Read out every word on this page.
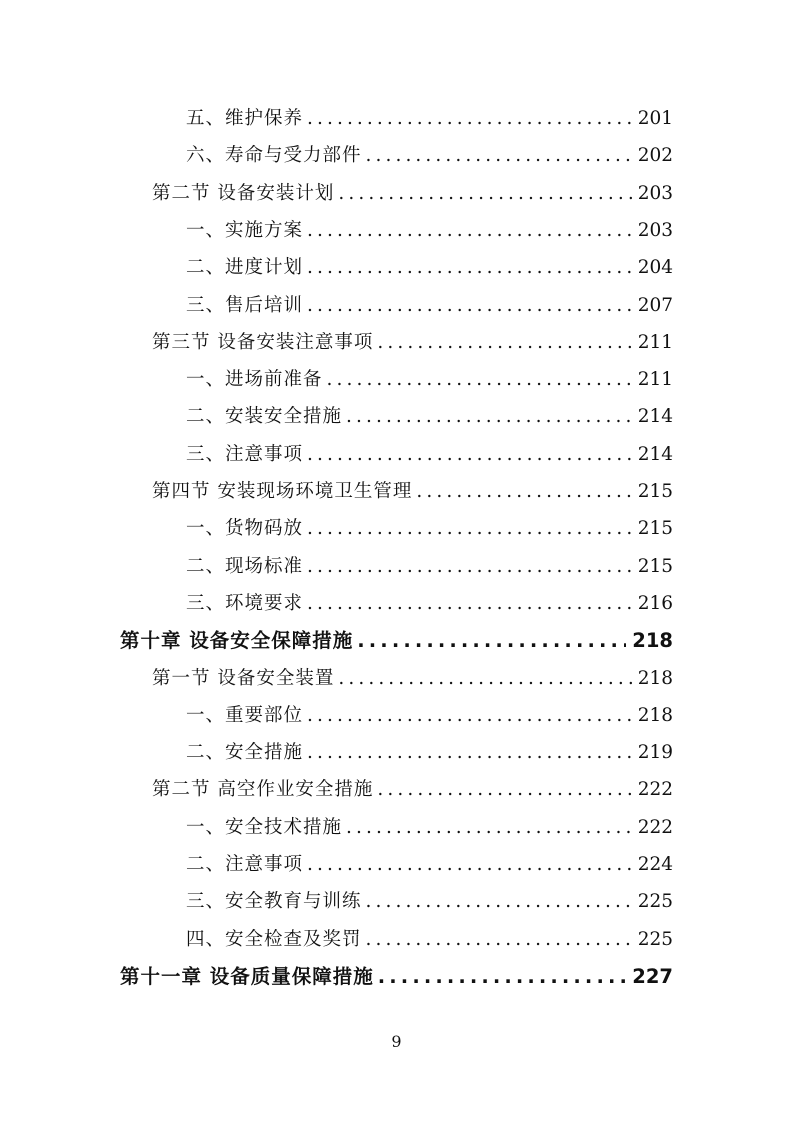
五、维护保养 .....	201
六、寿命与受力部件 .....	202
第二节 设备安装计划 .....	203
一、实施方案 .....	203
二、进度计划 .....	204
三、售后培训 .....	207
第三节 设备安装注意事项 .....	211
一、进场前准备 .....	211
二、安装安全措施 .....	214
三、注意事项 .....	214
第四节 安装现场环境卫生管理 .....	215
一、货物码放 .....	215
二、现场标准 .....	215
三、环境要求 .....	216
第十章 设备安全保障措施 .....	218
第一节 设备安全装置 .....	218
一、重要部位 .....	218
二、安全措施 .....	219
第二节 高空作业安全措施 .....	222
一、安全技术措施 .....	222
二、注意事项 .....	224
三、安全教育与训练 .....	225
四、安全检查及奖罚 .....	225
第十一章 设备质量保障措施 .....	227
9
